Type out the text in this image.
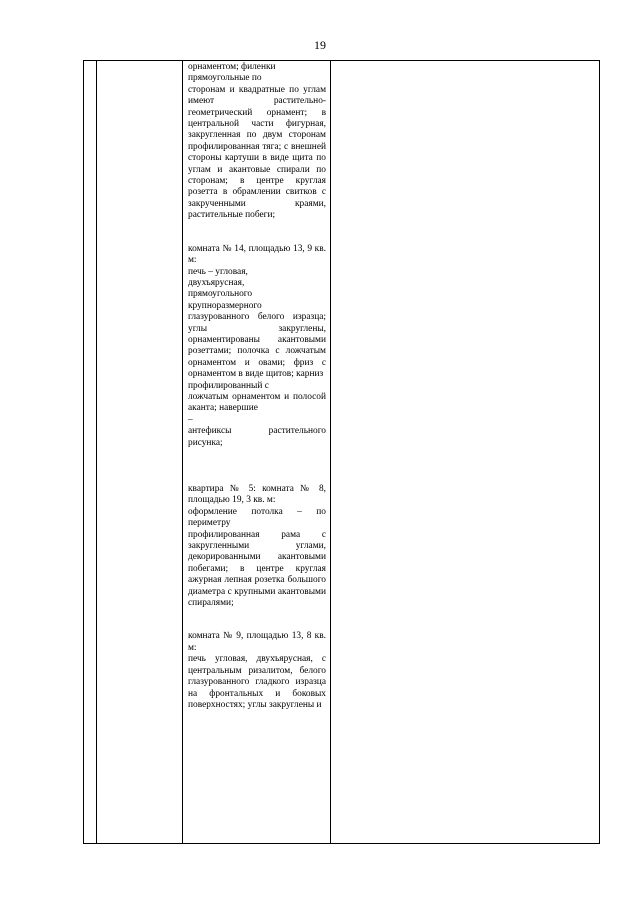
19

орнаментом; филенки

прямоугольные по

сторонам и квадратные по углам имеют растительно-геометрический орнамент; в центральной части фигурная, закругленная по двум сторонам профилированная тяга; с внешней стороны картуши в виде щита по углам и акантовые спирали по сторонам; в центре круглая розетта в обрамлении свитков с закрученными краями, растительные побеги;

комната № 14, площадью 13, 9 кв. м:

печь – угловая,

двухъярусная,

прямоугольного

крупноразмерного

глазурованного белого изразца; углы закруглены, орнаментированы акантовыми розеттами; полочка с ложчатым орнаментом и овами; фриз с орнаментом в виде щитов; карниз

профилированный с

ложчатым орнаментом и полосой аканта; навершие

–

антефиксы растительного рисунка;

квартира № 5: комната № 8, площадью 19, 3 кв. м:

оформление потолка – по периметру

профилированная рама с закругленными углами, декорированными акантовыми побегами; в центре круглая ажурная лепная розетка большого диаметра с крупными акантовыми спиралями;

комната № 9, площадью 13, 8 кв. м:

печь угловая, двухъярусная, с центральным ризалитом, белого глазурованного гладкого изразца на фронтальных и боковых поверхностях; углы закруглены и
